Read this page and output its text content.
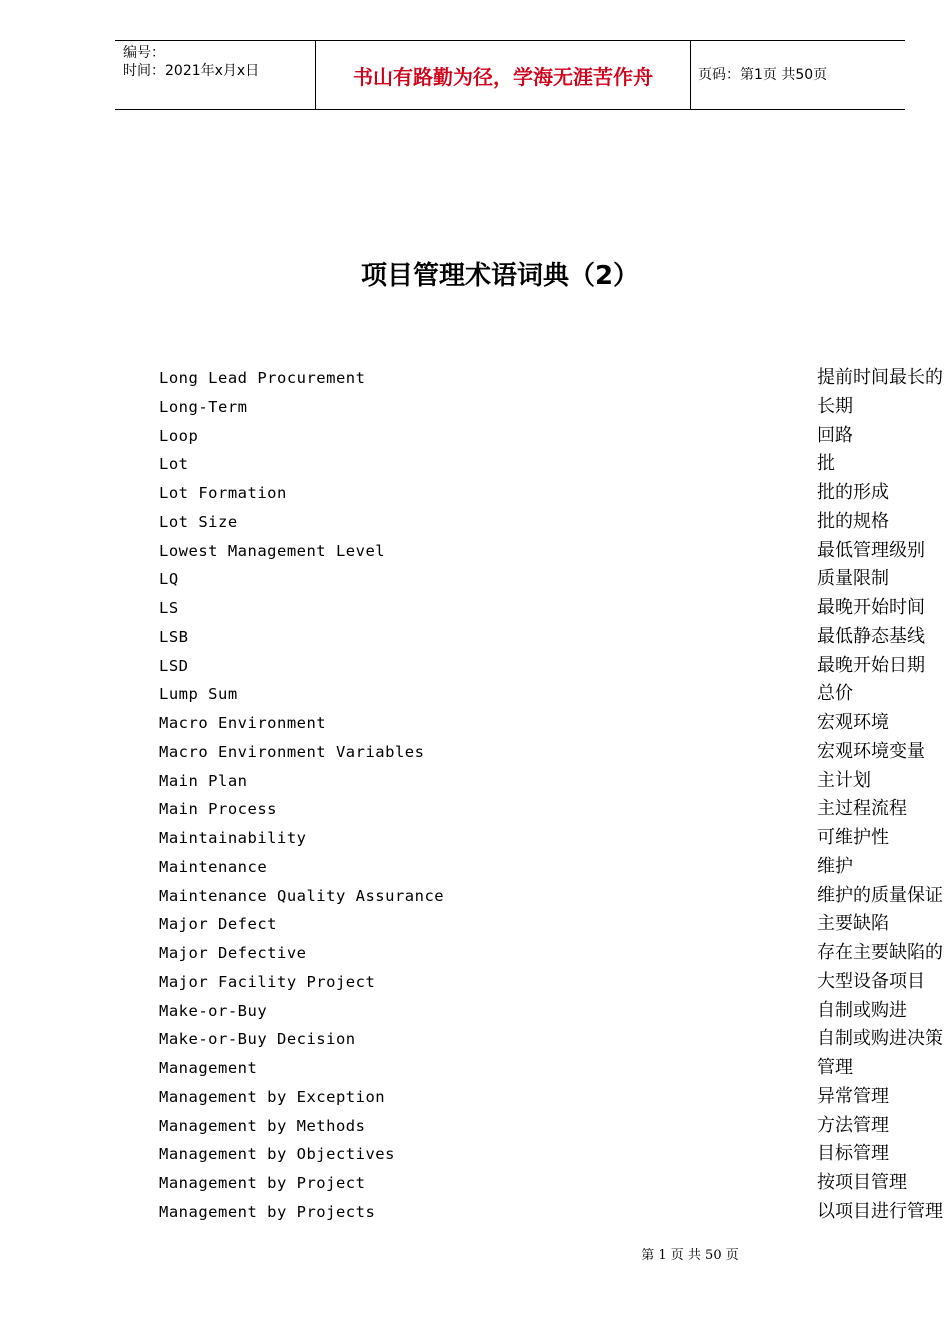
编号：
时间：2021年x月x日	书山有路勤为径，学海无涯苦作舟	页码：第1页 共50页
项目管理术语词典（2）
Long Lead Procurement	提前时间最长的
Long-Term	长期
Loop	回路
Lot	批
Lot Formation	批的形成
Lot Size	批的规格
Lowest Management Level	最低管理级别
LQ	质量限制
LS	最晚开始时间
LSB	最低静态基线
LSD	最晚开始日期
Lump Sum	总价
Macro Environment	宏观环境
Macro Environment Variables	宏观环境变量
Main Plan	主计划
Main Process	主过程流程
Maintainability	可维护性
Maintenance	维护
Maintenance Quality Assurance	维护的质量保证
Major Defect	主要缺陷
Major Defective	存在主要缺陷的
Major Facility Project	大型设备项目
Make-or-Buy	自制或购进
Make-or-Buy Decision	自制或购进决策
Management	管理
Management by Exception	异常管理
Management by Methods	方法管理
Management by Objectives	目标管理
Management by Project	按项目管理
Management by Projects	以项目进行管理
第 1 页 共 50 页
